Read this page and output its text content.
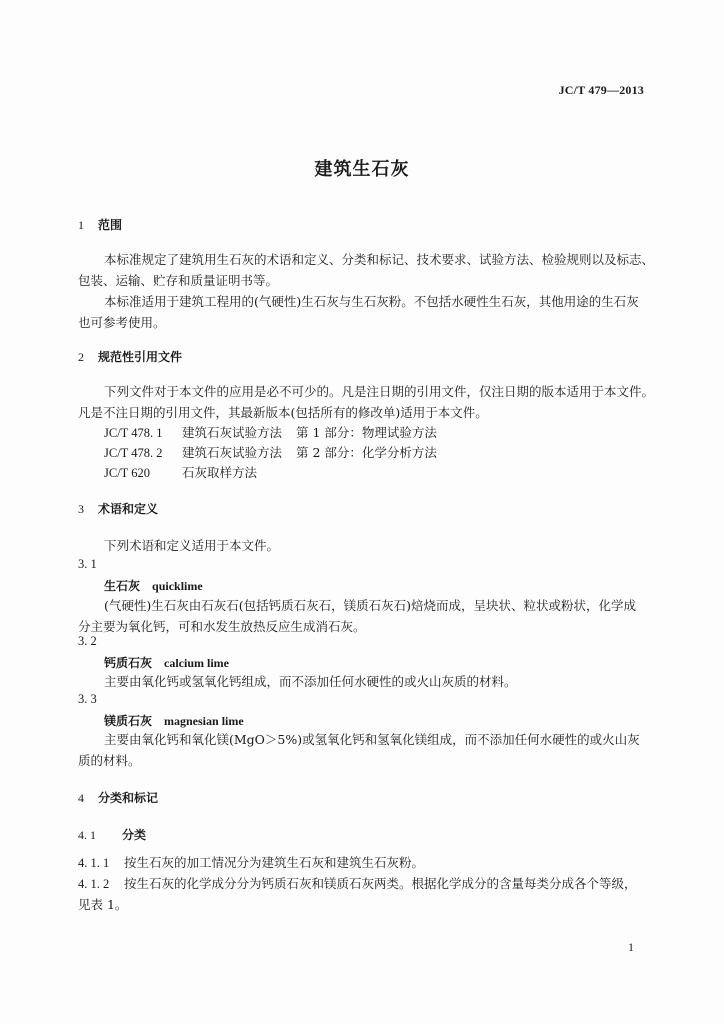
JC/T 479—2013
建筑生石灰
1 范围
本标准规定了建筑用生石灰的术语和定义、分类和标记、技术要求、试验方法、检验规则以及标志、
包装、运输、贮存和质量证明书等。
本标准适用于建筑工程用的(气硬性)生石灰与生石灰粉。不包括水硬性生石灰，其他用途的生石灰
也可参考使用。
2 规范性引用文件
下列文件对于本文件的应用是必不可少的。凡是注日期的引用文件，仅注日期的版本适用于本文件。
凡是不注日期的引用文件，其最新版本(包括所有的修改单)适用于本文件。
JC/T 478. 1 建筑石灰试验方法 第 1 部分：物理试验方法
JC/T 478. 2 建筑石灰试验方法 第 2 部分：化学分析方法
JC/T 620	石灰取样方法
3 术语和定义
下列术语和定义适用于本文件。
3. 1
生石灰 quicklime
(气硬性)生石灰由石灰石(包括钙质石灰石，镁质石灰石)焙烧而成，呈块状、粒状或粉状，化学成
分主要为氧化钙，可和水发生放热反应生成消石灰。
3. 2
钙质石灰 calcium lime
主要由氧化钙或氢氧化钙组成，而不添加任何水硬性的或火山灰质的材料。
3. 3
镁质石灰 magnesian lime
主要由氧化钙和氧化镁(MgO＞5%)或氢氧化钙和氢氧化镁组成，而不添加任何水硬性的或火山灰
质的材料。
4 分类和标记
4. 1 分类
4. 1. 1 按生石灰的加工情况分为建筑生石灰和建筑生石灰粉。
4. 1. 2 按生石灰的化学成分分为钙质石灰和镁质石灰两类。根据化学成分的含量每类分成各个等级，
见表 1。
1
